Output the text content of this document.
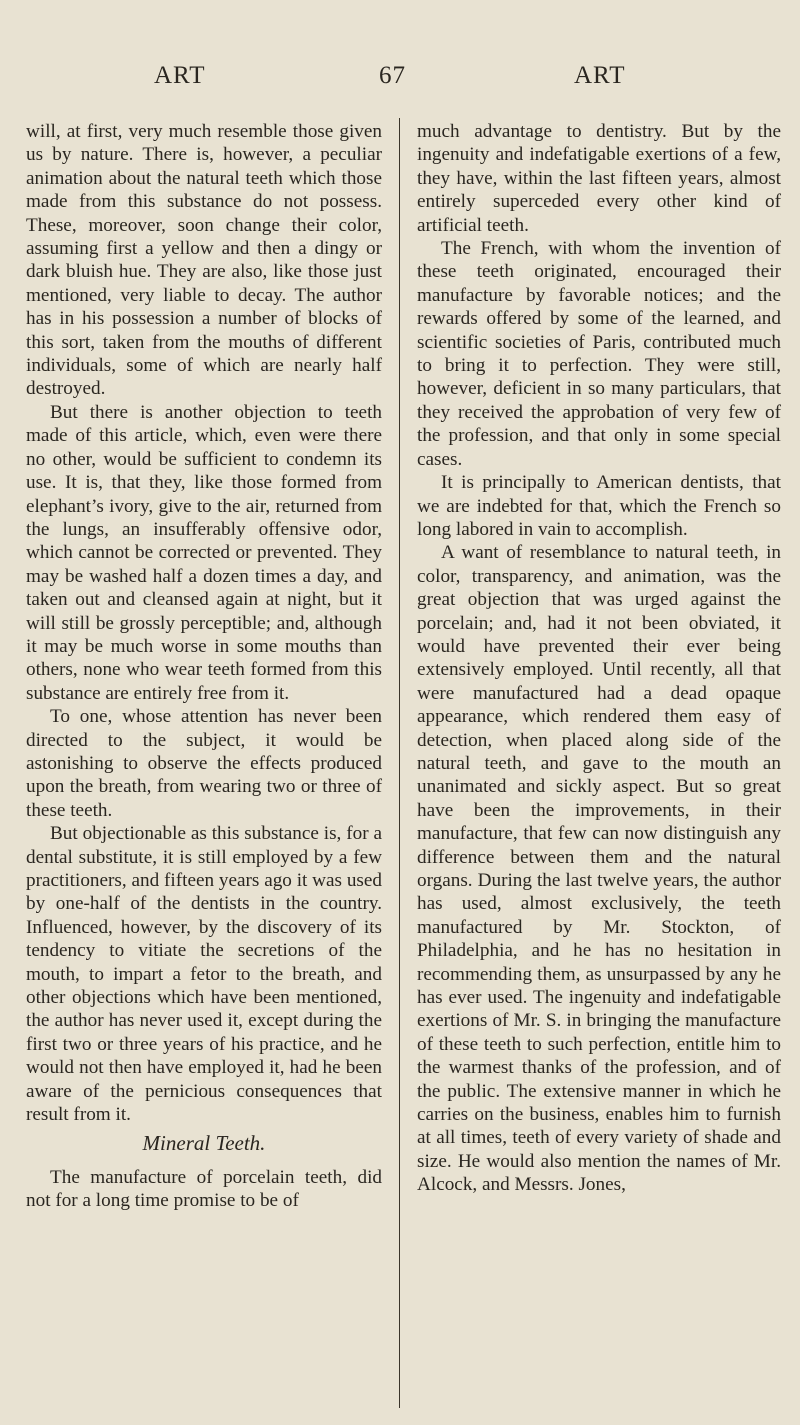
ART	67	ART

will, at first, very much resemble those given us by nature. There is, however, a peculiar animation about the natural teeth which those made from this substance do not possess. These, moreover, soon change their color, assuming first a yellow and then a dingy or dark bluish hue. They are also, like those just mentioned, very liable to decay. The author has in his possession a number of blocks of this sort, taken from the mouths of different individuals, some of which are nearly half destroyed.

But there is another objection to teeth made of this article, which, even were there no other, would be sufficient to condemn its use. It is, that they, like those formed from elephant’s ivory, give to the air, returned from the lungs, an insufferably offensive odor, which cannot be corrected or prevented. They may be washed half a dozen times a day, and taken out and cleansed again at night, but it will still be grossly perceptible; and, although it may be much worse in some mouths than others, none who wear teeth formed from this substance are entirely free from it.

To one, whose attention has never been directed to the subject, it would be astonishing to observe the effects produced upon the breath, from wearing two or three of these teeth.

But objectionable as this substance is, for a dental substitute, it is still employed by a few practitioners, and fifteen years ago it was used by one-half of the dentists in the country. Influenced, however, by the discovery of its tendency to vitiate the secretions of the mouth, to impart a fetor to the breath, and other objections which have been mentioned, the author has never used it, except during the first two or three years of his practice, and he would not then have employed it, had he been aware of the pernicious consequences that result from it.

Mineral Teeth.

The manufacture of porcelain teeth, did not for a long time promise to be of

much advantage to dentistry. But by the ingenuity and indefatigable exertions of a few, they have, within the last fifteen years, almost entirely superceded every other kind of artificial teeth.

The French, with whom the invention of these teeth originated, encouraged their manufacture by favorable notices; and the rewards offered by some of the learned, and scientific societies of Paris, contributed much to bring it to perfection. They were still, however, deficient in so many particulars, that they received the approbation of very few of the profession, and that only in some special cases.

It is principally to American dentists, that we are indebted for that, which the French so long labored in vain to accomplish.

A want of resemblance to natural teeth, in color, transparency, and animation, was the great objection that was urged against the porcelain; and, had it not been obviated, it would have prevented their ever being extensively employed. Until recently, all that were manufactured had a dead opaque appearance, which rendered them easy of detection, when placed along side of the natural teeth, and gave to the mouth an unanimated and sickly aspect. But so great have been the improvements, in their manufacture, that few can now distinguish any difference between them and the natural organs. During the last twelve years, the author has used, almost exclusively, the teeth manufactured by Mr. Stockton, of Philadelphia, and he has no hesitation in recommending them, as unsurpassed by any he has ever used. The ingenuity and indefatigable exertions of Mr. S. in bringing the manufacture of these teeth to such perfection, entitle him to the warmest thanks of the profession, and of the public. The extensive manner in which he carries on the business, enables him to furnish at all times, teeth of every variety of shade and size. He would also mention the names of Mr. Alcock, and Messrs. Jones,
